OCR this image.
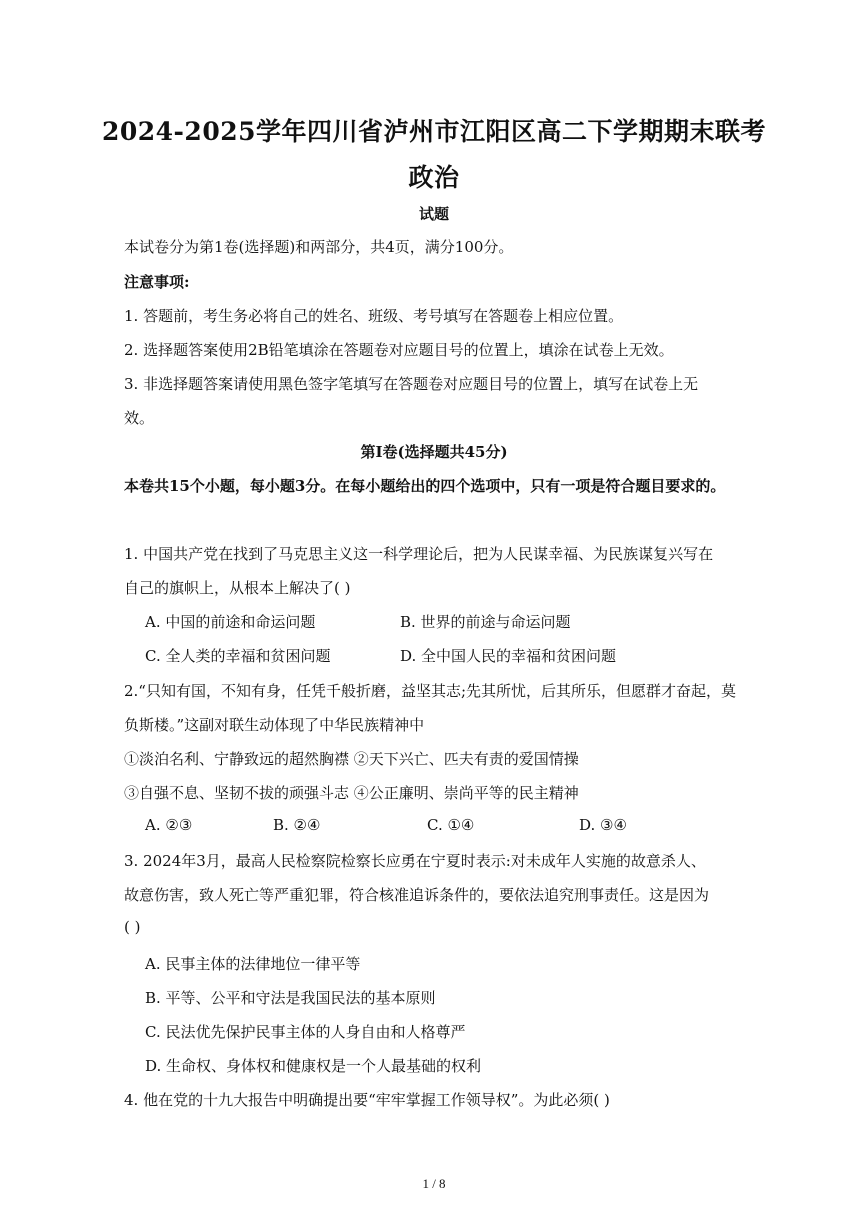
2024-2025学年四川省泸州市江阳区高二下学期期末联考
政治
试题
本试卷分为第1卷(选择题)和两部分，共4页，满分100分。
注意事项:
1. 答题前，考生务必将自己的姓名、班级、考号填写在答题卷上相应位置。
2. 选择题答案使用2B铅笔填涂在答题卷对应题目号的位置上，填涂在试卷上无效。
3. 非选择题答案请使用黑色签字笔填写在答题卷对应题目号的位置上，填写在试卷上无
效。
第Ⅰ卷(选择题共45分)
本卷共15个小题，每小题3分。在每小题给出的四个选项中，只有一项是符合题目要求的。
1. 中国共产党在找到了马克思主义这一科学理论后，把为人民谋幸福、为民族谋复兴写在
自己的旗帜上，从根本上解决了( )
A. 中国的前途和命运问题	B. 世界的前途与命运问题
C. 全人类的幸福和贫困问题	D. 全中国人民的幸福和贫困问题
2.“只知有国，不知有身，任凭千般折磨，益坚其志;先其所忧，后其所乐，但愿群才奋起，莫
负斯楼。”这副对联生动体现了中华民族精神中
①淡泊名利、宁静致远的超然胸襟 ②天下兴亡、匹夫有责的爱国情操
③自强不息、坚韧不拔的顽强斗志 ④公正廉明、崇尚平等的民主精神
A. ②③	B. ②④	C. ①④	D. ③④
3. 2024年3月，最高人民检察院检察长应勇在宁夏时表示:对未成年人实施的故意杀人、
故意伤害，致人死亡等严重犯罪，符合核准追诉条件的，要依法追究刑事责任。这是因为
( )
A. 民事主体的法律地位一律平等
B. 平等、公平和守法是我国民法的基本原则
C. 民法优先保护民事主体的人身自由和人格尊严
D. 生命权、身体权和健康权是一个人最基础的权利
4. 他在党的十九大报告中明确提出要“牢牢掌握工作领导权”。为此必须( )
1 / 8
